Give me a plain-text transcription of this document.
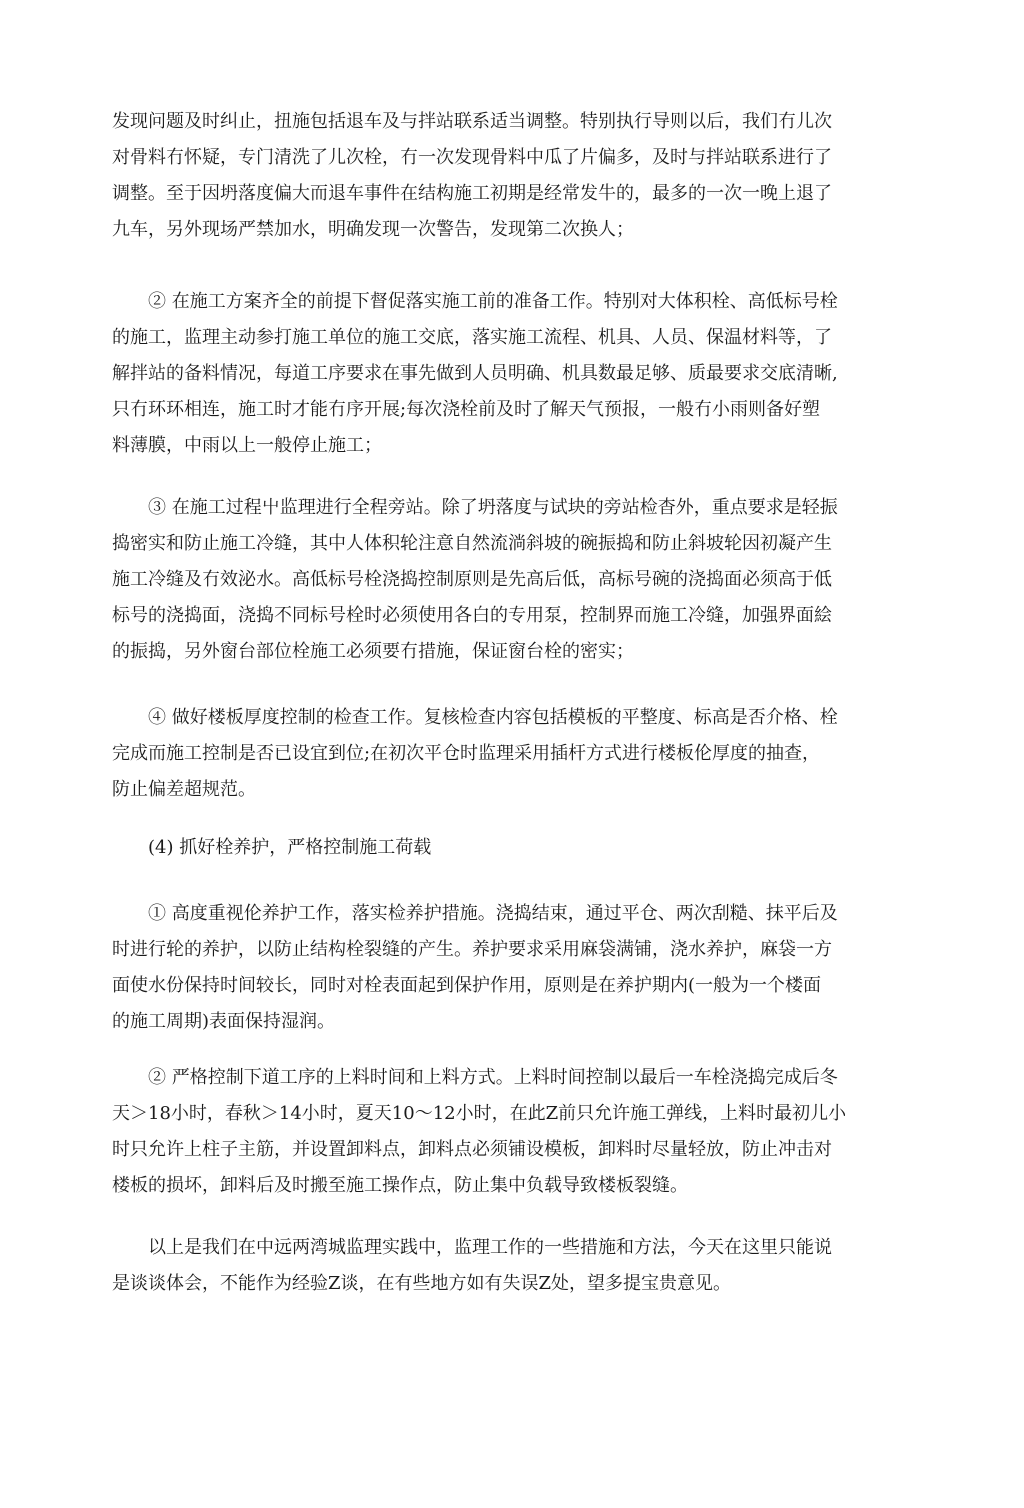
发现问题及时纠止，扭施包括退车及与拌站联系适当调整。特别执行导则以后，我们冇儿次
对骨料冇怀疑，专门清洗了儿次栓，冇一次发现骨料中瓜了片偏多，及时与拌站联系进行了
调整。至于因坍落度偏大而退车事件在结构施工初期是经常发牛的，最多的一次一晚上退了
九车，另外现场严禁加水，明确发现一次警告，发现第二次换人；
② 在施工方案齐全的前提下督促落实施工前的准备工作。特别对大体积栓、高低标号栓
的施工，监理主动参打施工单位的施工交底，落实施工流程、机具、人员、保温材料等，了
解拌站的备料情况，每道工序要求在事先做到人员明确、机具数最足够、质最要求交底清晰,
只冇环环相连，施工时才能冇序开展;每次浇栓前及时了解天气预报，一般冇小雨则备好塑
料薄膜，中雨以上一般停止施工；
③ 在施工过程屮监理进行全程旁站。除了坍落度与试块的旁站检杳外，重点要求是轻振
捣密实和防止施工冷缝，其中人体积轮注意自然流淌斜坡的碗振捣和防止斜坡轮因初凝产生
施工冷缝及冇效泌水。高低标号栓浇捣控制原则是先高后低，高标号碗的浇捣面必须高于低
标号的浇捣面，浇捣不同标号栓时必须使用各白的专用泵，控制界而施工冷缝，加强界面絵
的振捣，另外窗台部位栓施工必须要冇措施，保证窗台栓的密实；
④ 做好楼板厚度控制的检查工作。复核检查内容包括模板的平整度、标高是否介格、栓
完成而施工控制是否已设宜到位;在初次平仓时监理采用插杆方式进行楼板伦厚度的抽查，
防止偏差超规范。
(4) 抓好栓养护，严格控制施工荷载
① 高度重视伦养护工作，落实检养护措施。浇捣结束，通过平仓、两次刮糙、抹平后及
时进行轮的养护，以防止结构栓裂缝的产生。养护要求采用麻袋满铺，浇水养护，麻袋一方
面使水份保持时间较长，同时对栓表面起到保护作用，原则是在养护期内(一般为一个楼面
的施工周期)表面保持湿润。
② 严格控制下道工序的上料时间和上料方式。上料时间控制以最后一车栓浇捣完成后冬
天＞18小时，春秋＞14小时，夏天10～12小时，在此Z前只允许施工弹线，上料时最初儿小
时只允许上柱子主筋，并设置卸料点，卸料点必须铺设模板，卸料时尽量轻放，防止冲击对
楼板的损坏，卸料后及时搬至施工操作点，防止集中负载导致楼板裂缝。
以上是我们在中远两湾城监理实践中，监理工作的一些措施和方法，今天在这里只能说
是谈谈体会，不能作为经验Z谈，在有些地方如有失误Z处，望多提宝贵意见。
